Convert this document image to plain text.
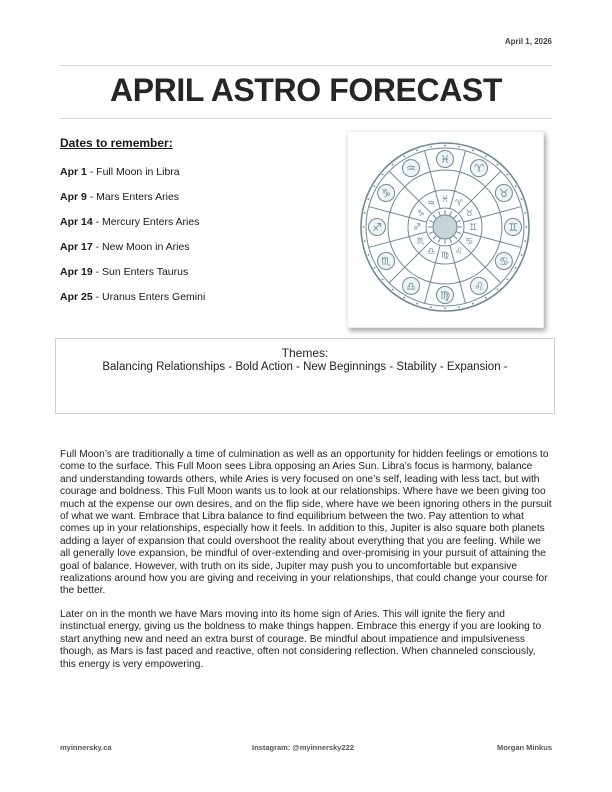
April 1, 2026
APRIL ASTRO FORECAST
Dates to remember:
Apr 1 - Full Moon in Libra
Apr 9 - Mars Enters Aries
Apr 14 - Mercury Enters Aries
Apr 17 - New Moon in Aries
Apr 19 - Sun Enters Taurus
Apr 25 - Uranus Enters Gemini
♈
♈
♉
♉
♊	♊
♋
♋
♌
♌
♍
♍
♎
♎
♏
♏
♐
♐
♑
♑
♒
♒
♓
♓
Themes:
Balancing Relationships - Bold Action - New Beginnings - Stability - Expansion -

Full Moon’s are traditionally a time of culmination as well as an opportunity for hidden feelings or emotions to come to the surface. This Full Moon sees Libra opposing an Aries Sun. Libra’s focus is harmony, balance and understanding towards others, while Aries is very focused on one’s self, leading with less tact, but with courage and boldness. This Full Moon wants us to look at our relationships. Where have we been giving too much at the expense our own desires, and on the flip side, where have we been ignoring others in the pursuit of what we want. Embrace that Libra balance to find equilibrium between the two. Pay attention to what comes up in your relationships, especially how it feels. In addition to this, Jupiter is also square both planets adding a layer of expansion that could overshoot the reality about everything that you are feeling. While we all generally love expansion, be mindful of over-extending and over-promising in your pursuit of attaining the goal of balance. However, with truth on its side, Jupiter may push you to uncomfortable but expansive realizations around how you are giving and receiving in your relationships, that could change your course for the better.

Later on in the month we have Mars moving into its home sign of Aries. This will ignite the fiery and instinctual energy, giving us the boldness to make things happen. Embrace this energy if you are looking to start anything new and need an extra burst of courage. Be mindful about impatience and impulsiveness though, as Mars is fast paced and reactive, often not considering reflection. When channeled consciously, this energy is very empowering.

myinnersky.ca	Instagram: @myinnersky222	Morgan Minkus
